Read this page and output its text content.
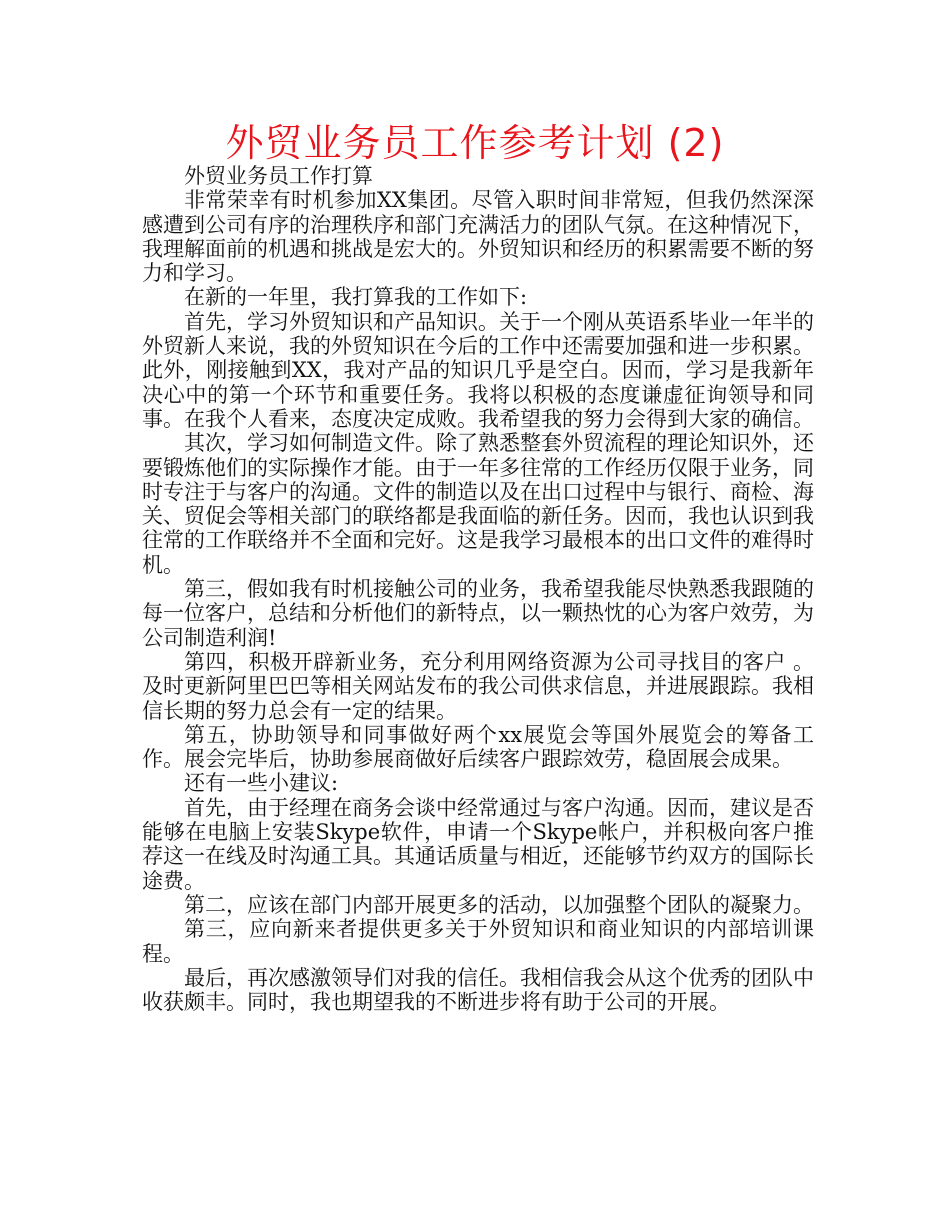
外贸业务员工作参考计划 (2)

外贸业务员工作打算

非常荣幸有时机参加XX集团。尽管入职时间非常短，但我仍然深深感遭到公司有序的治理秩序和部门充满活力的团队气氛。在这种情况下，我理解面前的机遇和挑战是宏大的。外贸知识和经历的积累需要不断的努力和学习。

在新的一年里，我打算我的工作如下:

首先，学习外贸知识和产品知识。关于一个刚从英语系毕业一年半的外贸新人来说，我的外贸知识在今后的工作中还需要加强和进一步积累。此外，刚接触到XX，我对产品的知识几乎是空白。因而，学习是我新年决心中的第一个环节和重要任务。我将以积极的态度谦虚征询领导和同事。在我个人看来，态度决定成败。我希望我的努力会得到大家的确信。

其次，学习如何制造文件。除了熟悉整套外贸流程的理论知识外，还要锻炼他们的实际操作才能。由于一年多往常的工作经历仅限于业务，同时专注于与客户的沟通。文件的制造以及在出口过程中与银行、商检、海关、贸促会等相关部门的联络都是我面临的新任务。因而，我也认识到我往常的工作联络并不全面和完好。这是我学习最根本的出口文件的难得时机。

第三，假如我有时机接触公司的业务，我希望我能尽快熟悉我跟随的每一位客户，总结和分析他们的新特点，以一颗热忱的心为客户效劳，为公司制造利润!

第四，积极开辟新业务，充分利用网络资源为公司寻找目的客户 。及时更新阿里巴巴等相关网站发布的我公司供求信息，并进展跟踪。我相信长期的努力总会有一定的结果。

第五，协助领导和同事做好两个xx展览会等国外展览会的筹备工作。展会完毕后，协助参展商做好后续客户跟踪效劳，稳固展会成果。

还有一些小建议:

首先，由于经理在商务会谈中经常通过与客户沟通。因而，建议是否能够在电脑上安装Skype软件，申请一个Skype帐户，并积极向客户推荐这一在线及时沟通工具。其通话质量与相近，还能够节约双方的国际长途费。

第二，应该在部门内部开展更多的活动，以加强整个团队的凝聚力。

第三，应向新来者提供更多关于外贸知识和商业知识的内部培训课程。

最后，再次感激领导们对我的信任。我相信我会从这个优秀的团队中收获颇丰。同时，我也期望我的不断进步将有助于公司的开展。
